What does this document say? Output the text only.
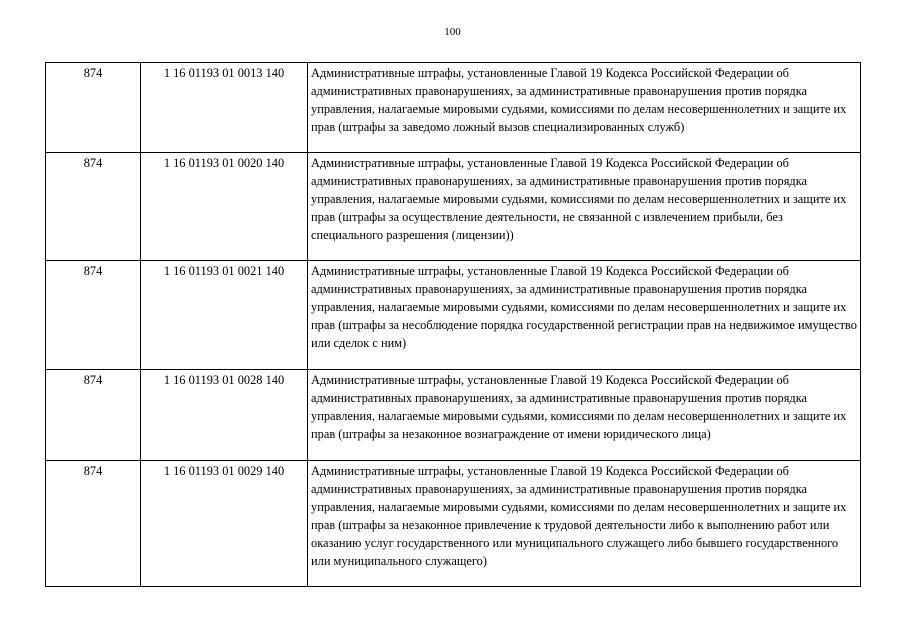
100
874	1 16 01193 01 0013 140	Административные штрафы, установленные Главой 19 Кодекса Российской Федерации об административных правонарушениях, за административные правонарушения против порядка управления, налагаемые мировыми судьями, комиссиями по делам несовершеннолетних и защите их прав (штрафы за заведомо ложный вызов специализированных служб)
874	1 16 01193 01 0020 140	Административные штрафы, установленные Главой 19 Кодекса Российской Федерации об административных правонарушениях, за административные правонарушения против порядка управления, налагаемые мировыми судьями, комиссиями по делам несовершеннолетних и защите их прав (штрафы за осуществление деятельности, не связанной с извлечением прибыли, без специального разрешения (лицензии))
874	1 16 01193 01 0021 140	Административные штрафы, установленные Главой 19 Кодекса Российской Федерации об административных правонарушениях, за административные правонарушения против порядка управления, налагаемые мировыми судьями, комиссиями по делам несовершеннолетних и защите их прав (штрафы за несоблюдение порядка государственной регистрации прав на недвижимое имущество или сделок с ним)
874	1 16 01193 01 0028 140	Административные штрафы, установленные Главой 19 Кодекса Российской Федерации об административных правонарушениях, за административные правонарушения против порядка управления, налагаемые мировыми судьями, комиссиями по делам несовершеннолетних и защите их прав (штрафы за незаконное вознаграждение от имени юридического лица)
874	1 16 01193 01 0029 140	Административные штрафы, установленные Главой 19 Кодекса Российской Федерации об административных правонарушениях, за административные правонарушения против порядка управления, налагаемые мировыми судьями, комиссиями по делам несовершеннолетних и защите их прав (штрафы за незаконное привлечение к трудовой деятельности либо к выполнению работ или оказанию услуг государственного или муниципального служащего либо бывшего государственного или муниципального служащего)
